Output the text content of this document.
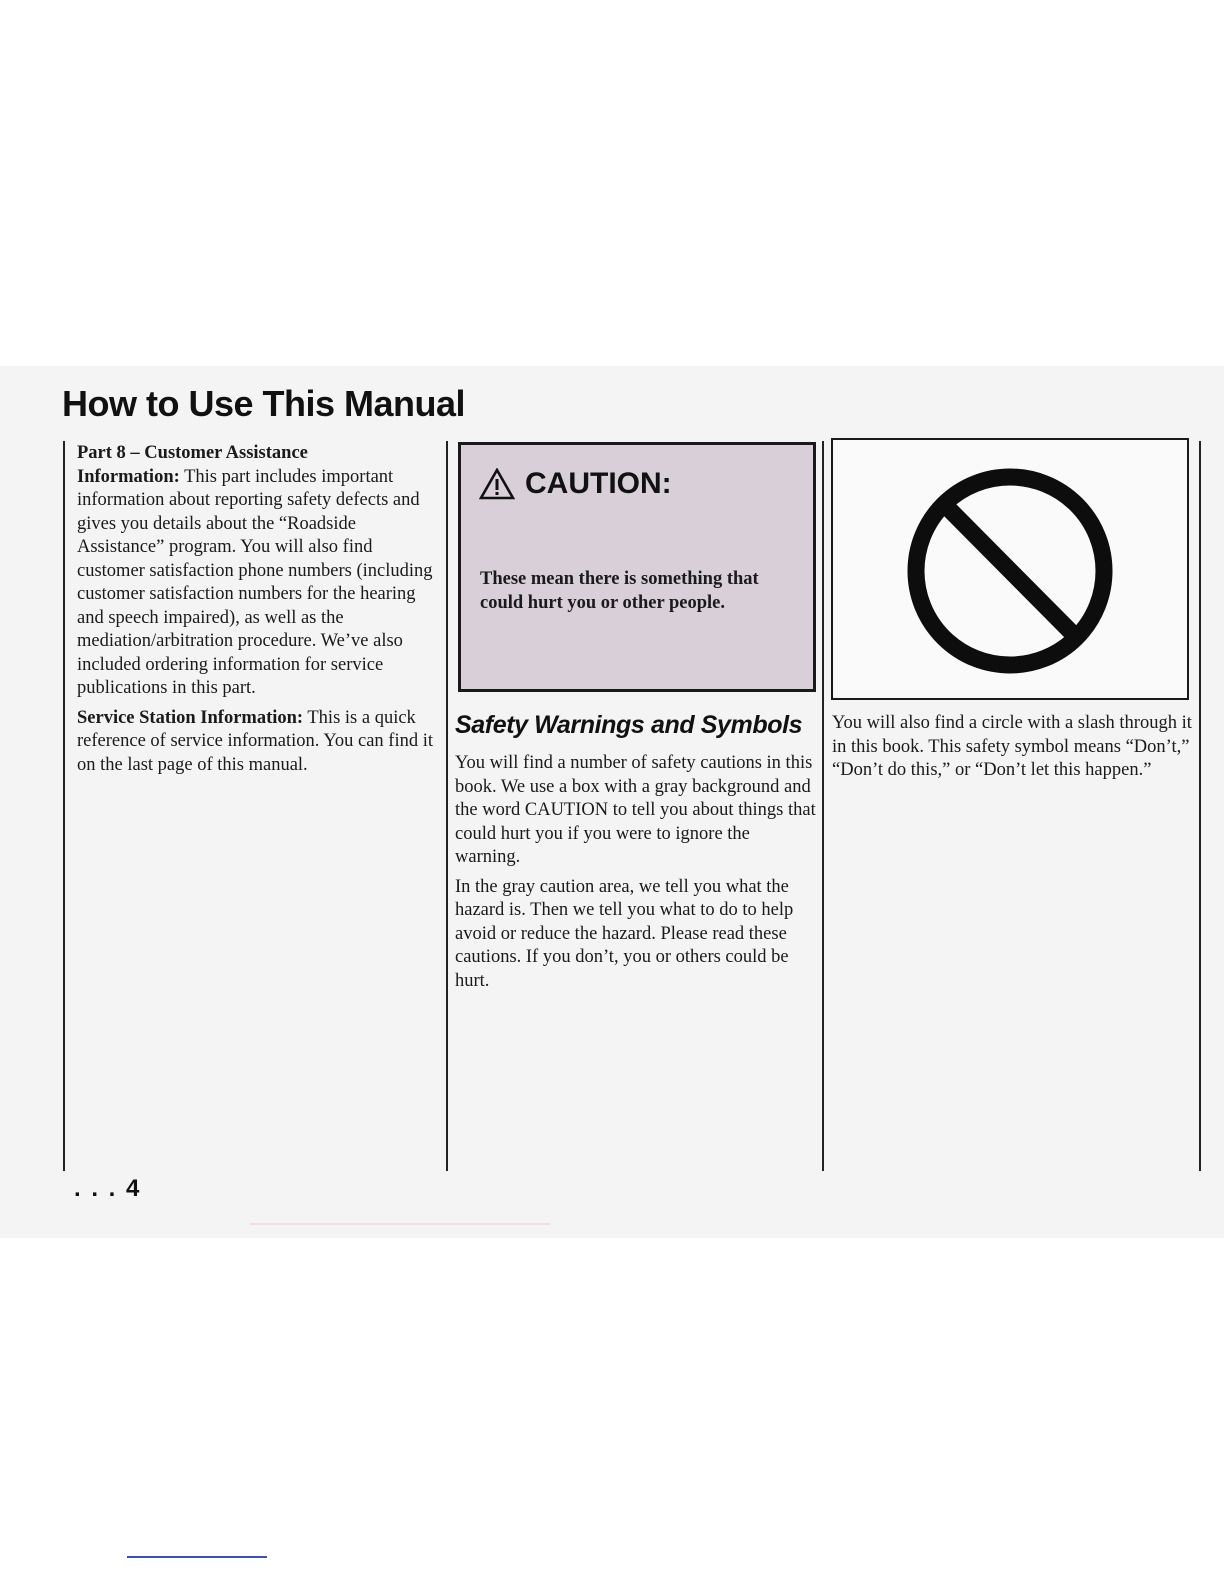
How to Use This Manual

Part 8 – Customer Assistance
Information: This part includes important information about reporting safety defects and gives you details about the “Roadside Assistance” program. You will also find customer satisfaction phone numbers (including customer satisfaction numbers for the hearing and speech impaired), as well as the mediation/arbitration procedure. We’ve also included ordering information for service publications in this part.

Service Station Information: This is a quick reference of service information. You can find it on the last page of this manual.

CAUTION:
These mean there is something that could hurt you or other people.
Safety Warnings and Symbols

You will find a number of safety cautions in this book. We use a box with a gray background and the word CAUTION to tell you about things that could hurt you if you were to ignore the warning.

In the gray caution area, we tell you what the hazard is. Then we tell you what to do to help avoid or reduce the hazard. Please read these cautions. If you don’t, you or others could be hurt.

You will also find a circle with a slash through it in this book. This safety symbol means “Don’t,” “Don’t do this,” or “Don’t let this happen.”

. . . 4
